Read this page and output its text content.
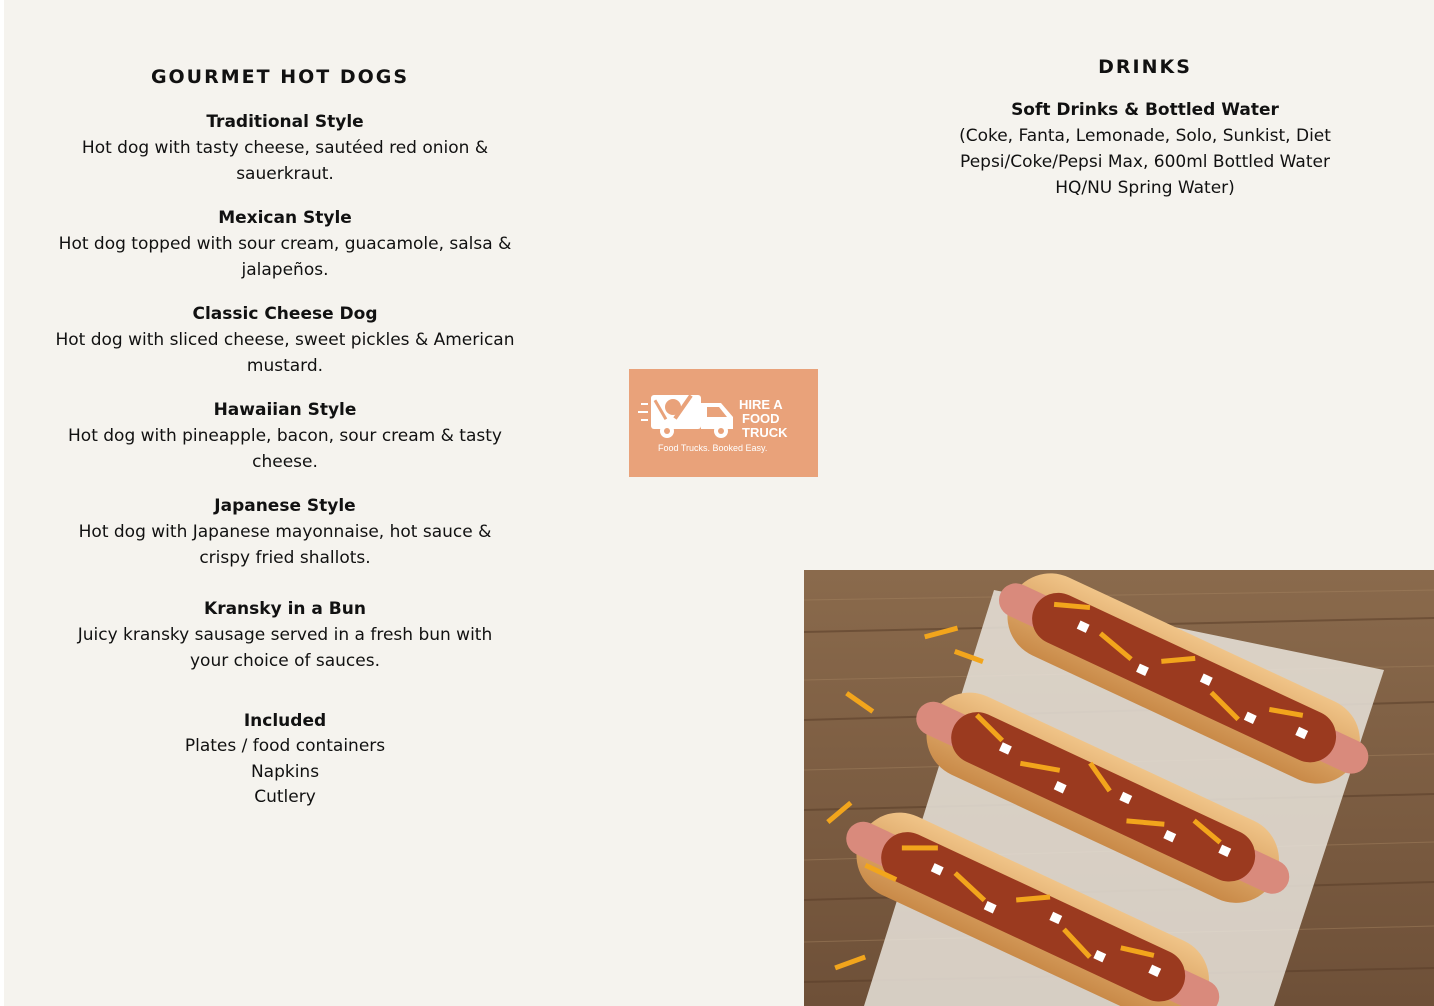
GOURMET HOT DOGS
Traditional Style
Hot dog with tasty cheese, sautéed red onion &
sauerkraut.
Mexican Style
Hot dog topped with sour cream, guacamole, salsa &
jalapeños.
Classic Cheese Dog
Hot dog with sliced cheese, sweet pickles & American
mustard.
Hawaiian Style
Hot dog with pineapple, bacon, sour cream & tasty
cheese.
Japanese Style
Hot dog with Japanese mayonnaise, hot sauce &
crispy fried shallots.
Kransky in a Bun
Juicy kransky sausage served in a fresh bun with
your choice of sauces.
Included
Plates / food containers
Napkins
Cutlery
DRINKS
Soft Drinks & Bottled Water
(Coke, Fanta, Lemonade, Solo, Sunkist, Diet
Pepsi/Coke/Pepsi Max, 600ml Bottled Water
HQ/NU Spring Water)
HIRE A
FOOD
TRUCK
Food Trucks. Booked Easy.
